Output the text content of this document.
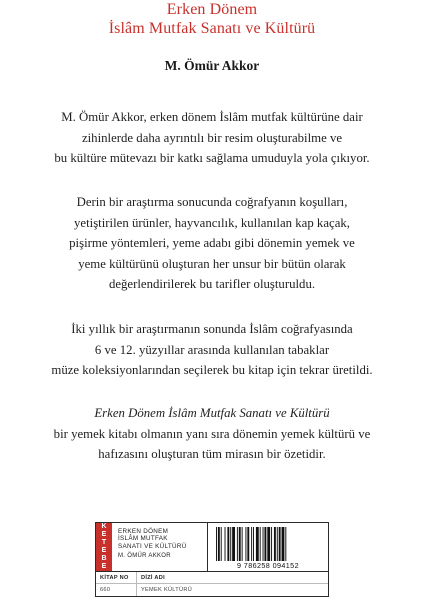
Erken Dönem
İslâm Mutfak Sanatı ve Kültürü
M. Ömür Akkor
M. Ömür Akkor, erken dönem İslâm mutfak kültürüne dair
zihinlerde daha ayrıntılı bir resim oluşturabilme ve
bu kültüre mütevazı bir katkı sağlama umuduyla yola çıkıyor.
Derin bir araştırma sonucunda coğrafyanın koşulları,
yetiştirilen ürünler, hayvancılık, kullanılan kap kaçak,
pişirme yöntemleri, yeme adabı gibi dönemin yemek ve
yeme kültürünü oluşturan her unsur bir bütün olarak
değerlendirilerek bu tarifler oluşturuldu.
İki yıllık bir araştırmanın sonunda İslâm coğrafyasında
6 ve 12. yüzyıllar arasında kullanılan tabaklar
müze koleksiyonlarından seçilerek bu kitap için tekrar üretildi.
Erken Dönem İslâm Mutfak Sanatı ve Kültürü
bir yemek kitabı olmanın yanı sıra dönemin yemek kültürü ve
hafızasını oluşturan tüm mirasın bir özetidir.
K
E
T
E
B
E
ERKEN DÖNEM
İSLÂM MUTFAK
SANATI VE KÜLTÜRÜ
M. ÖMÜR AKKOR
9 786258 094152
KİTAP NO DİZİ ADI
660	YEMEK KÜLTÜRÜ
